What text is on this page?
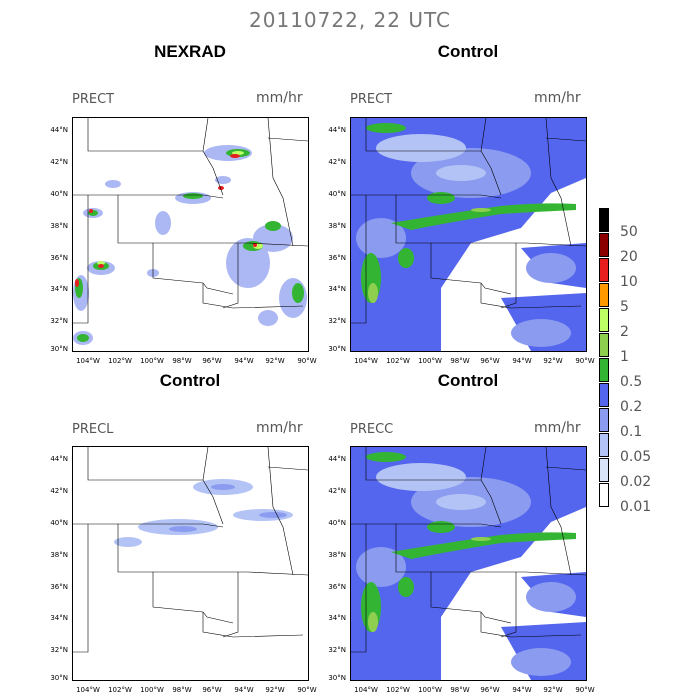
20110722, 22 UTC
NEXRAD	Control
Control	Control
PRECT	mm/hr	PRECT	mm/hr
PRECL	mm/hr	PRECC	mm/hr
44°N
42°N
40°N
38°N
36°N
34°N
32°N
30°N
104°W	102°W	100°W	98°W	96°W	94°W	92°W	90°W
44°N
42°N
40°N
38°N
36°N
34°N
32°N
30°N
104°W	102°W	100°W	98°W	96°W	94°W	92°W	90°W
44°N
42°N
40°N
38°N
36°N
34°N
32°N
30°N
104°W	102°W	100°W	98°W	96°W	94°W	92°W	90°W
44°N
42°N
40°N
38°N
36°N
34°N
32°N
30°N
104°W	102°W	100°W	98°W	96°W	94°W	92°W	90°W
50
20
10
5
2
1
0.5
0.2
0.1
0.05
0.02
0.01
